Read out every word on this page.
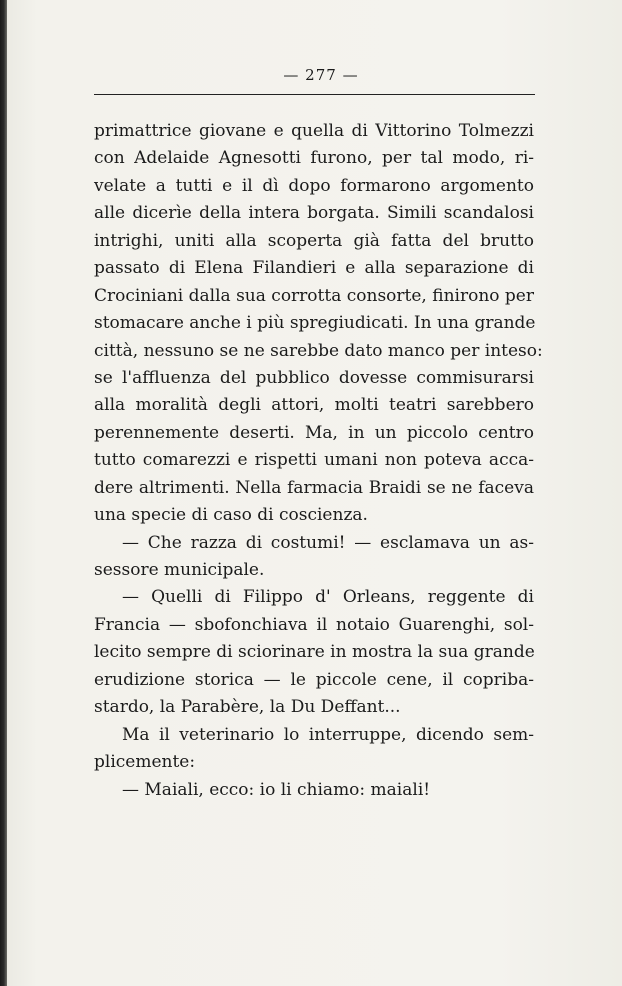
— 277 —
primattrice giovane e quella di Vittorino Tolmezzi
con Adelaide Agnesotti furono, per tal modo, ri-
velate a tutti e il dì dopo formarono argomento
alle dicerìe della intera borgata. Simili scandalosi
intrighi, uniti alla scoperta già fatta del brutto
passato di Elena Filandieri e alla separazione di
Crociniani dalla sua corrotta consorte, finirono per
stomacare anche i più spregiudicati. In una grande
città, nessuno se ne sarebbe dato manco per inteso:
se l'affluenza del pubblico dovesse commisurarsi
alla moralità degli attori, molti teatri sarebbero
perennemente deserti. Ma, in un piccolo centro
tutto comarezzi e rispetti umani non poteva acca-
dere altrimenti. Nella farmacia Braidi se ne faceva
una specie di caso di coscienza.
— Che razza di costumi! — esclamava un as-
sessore municipale.
— Quelli di Filippo d' Orleans, reggente di
Francia — sbofonchiava il notaio Guarenghi, sol-
lecito sempre di sciorinare in mostra la sua grande
erudizione storica — le piccole cene, il copriba-
stardo, la Parabère, la Du Deffant...
Ma il veterinario lo interruppe, dicendo sem-
plicemente:
— Maiali, ecco: io li chiamo: maiali!
